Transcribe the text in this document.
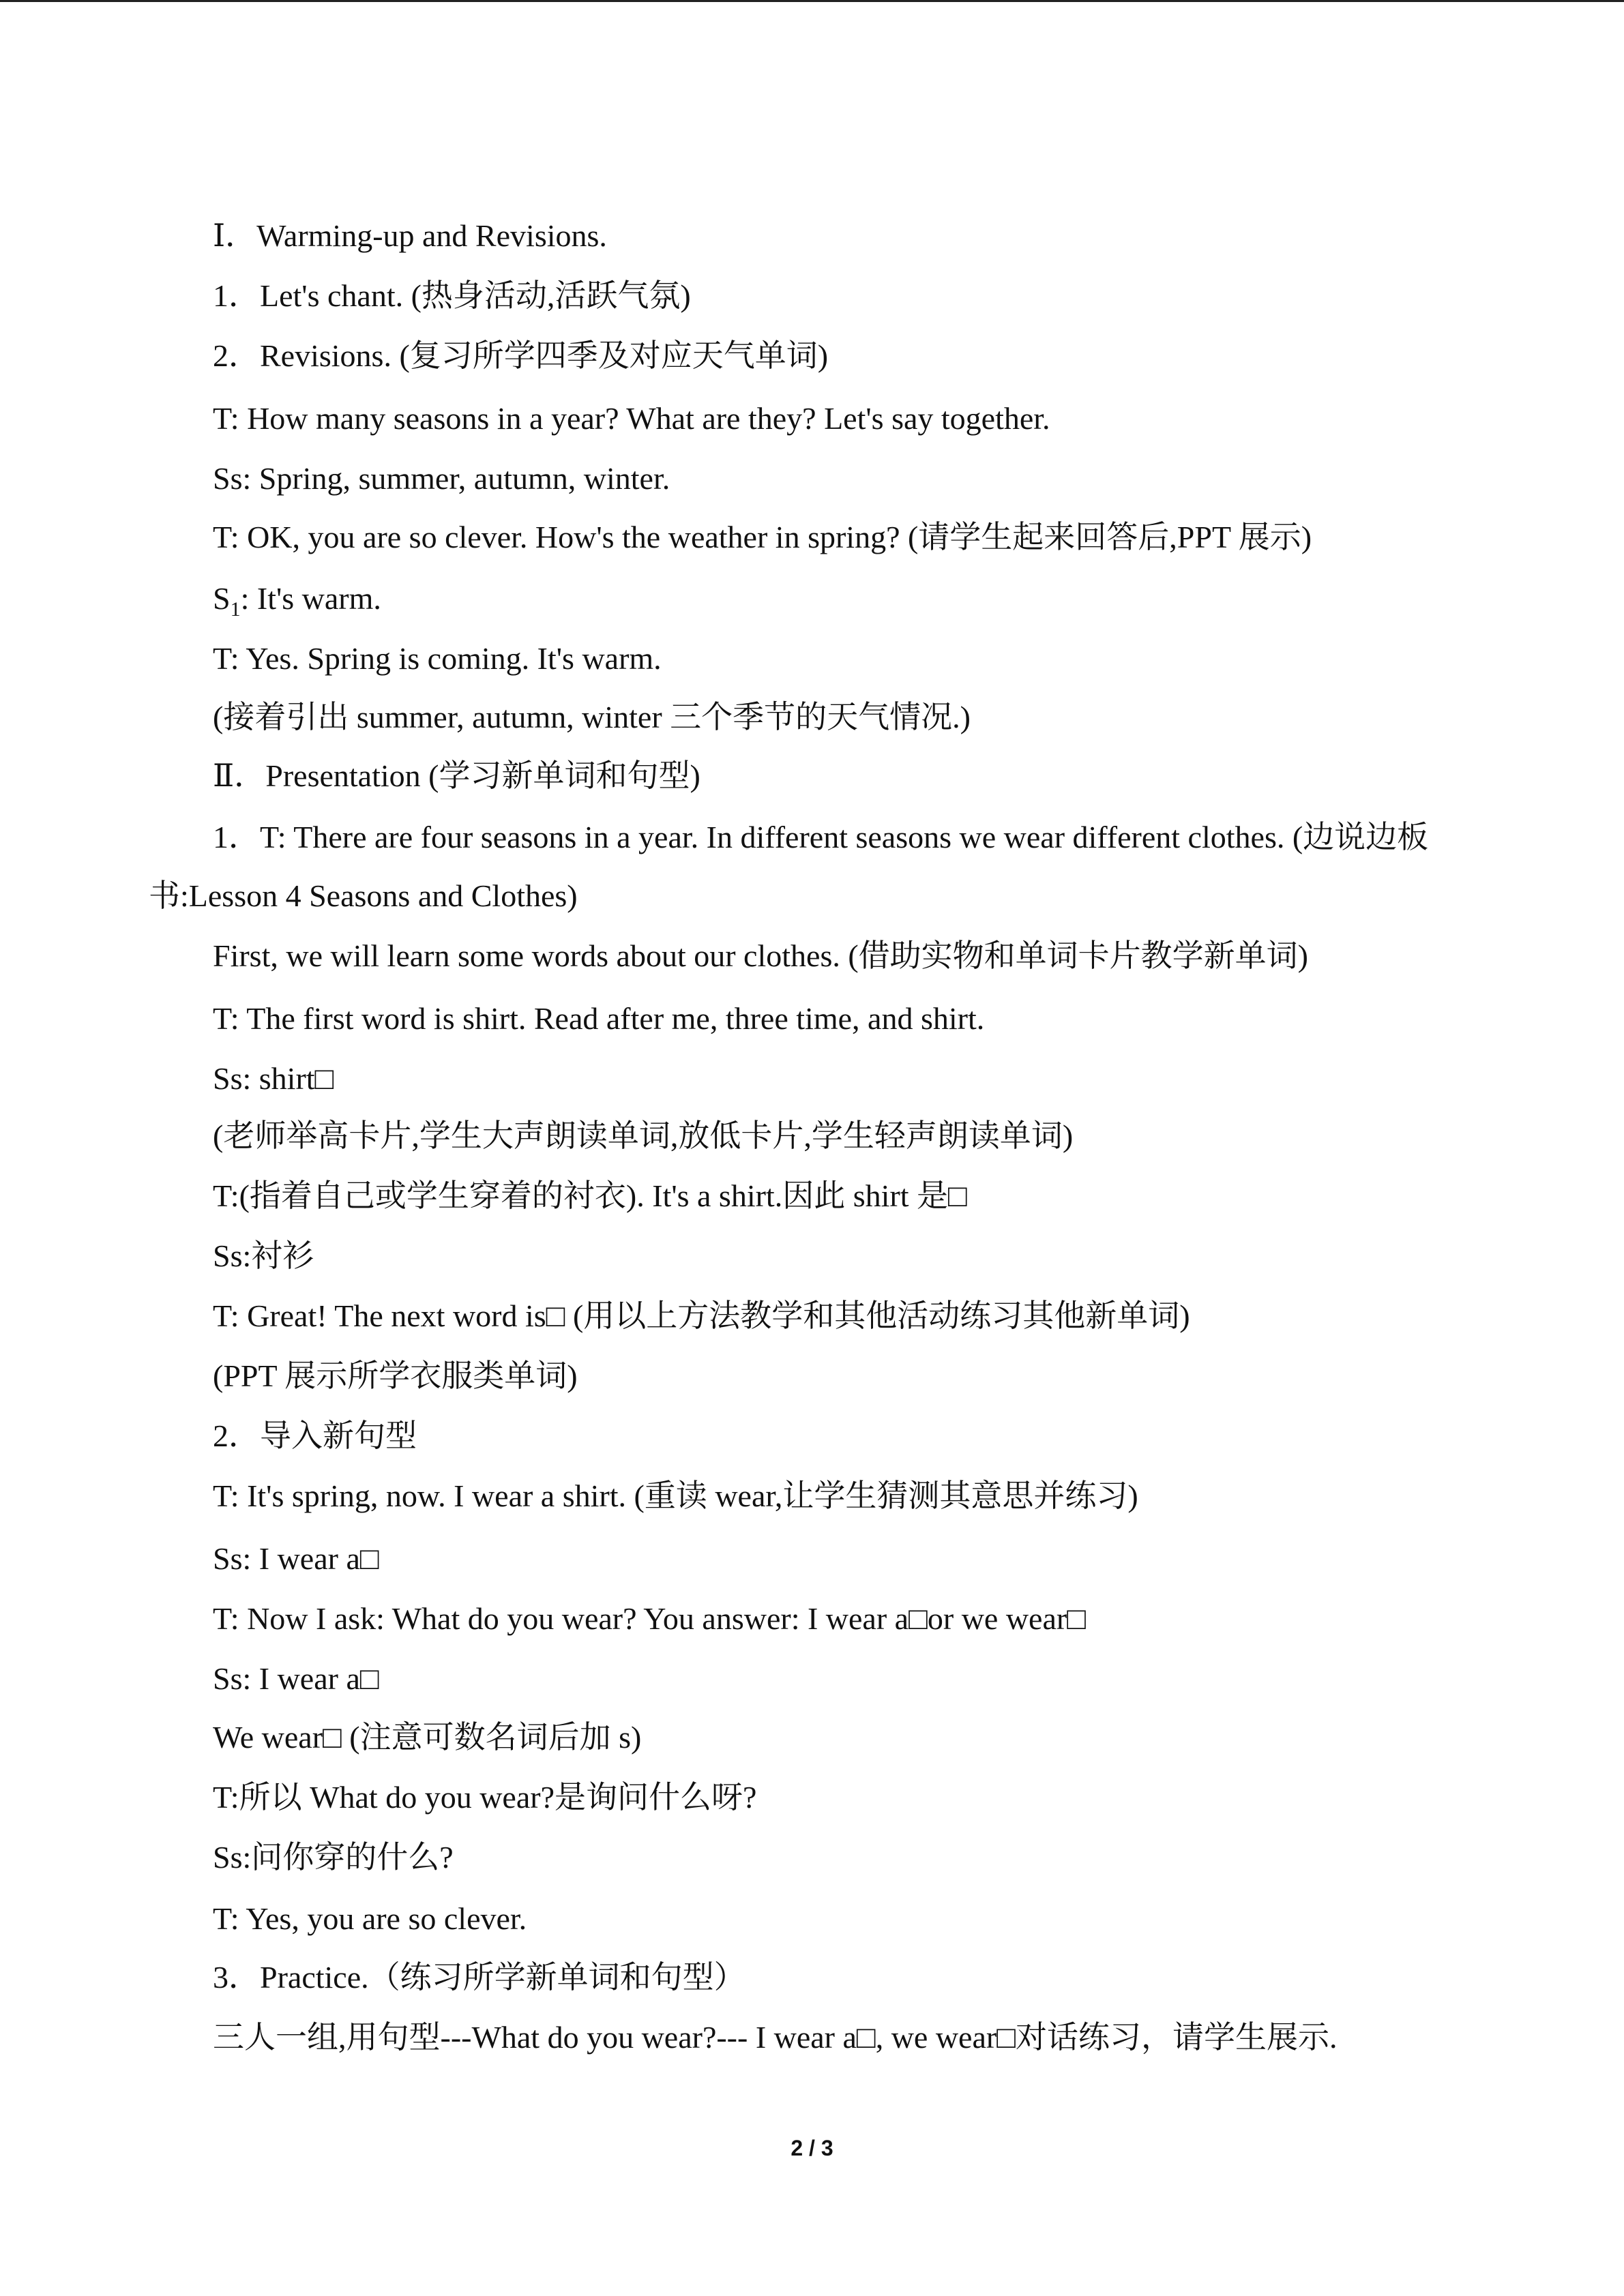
Ⅰ．Warming-up and Revisions.
1．Let's chant. (热身活动,活跃气氛)
2．Revisions. (复习所学四季及对应天气单词)
T: How many seasons in a year? What are they? Let's say together.
Ss: Spring, summer, autumn, winter.
T: OK, you are so clever. How's the weather in spring? (请学生起来回答后,PPT 展示)
$S_1$: It's warm.
T: Yes. Spring is coming. It's warm.
(接着引出 summer, autumn, winter 三个季节的天气情况.)
Ⅱ．Presentation (学习新单词和句型)
1．T: There are four seasons in a year. In different seasons we wear different clothes. (边说边板
书:Lesson 4 Seasons and Clothes)
First, we will learn some words about our clothes. (借助实物和单词卡片教学新单词)
T: The first word is shirt. Read after me, three time, and shirt.
Ss: shirt□
(老师举高卡片,学生大声朗读单词,放低卡片,学生轻声朗读单词)
T:(指着自己或学生穿着的衬衣). It's a shirt.因此 shirt 是□
Ss:衬衫
T: Great! The next word is□ (用以上方法教学和其他活动练习其他新单词)
(PPT 展示所学衣服类单词)
2．导入新句型
T: It's spring, now. I wear a shirt. (重读 wear,让学生猜测其意思并练习)
Ss: I wear a□
T: Now I ask: What do you wear? You answer: I wear a□or we wear□
Ss: I wear a□
We wear□ (注意可数名词后加 s)
T:所以 What do you wear?是询问什么呀?
Ss:问你穿的什么?
T: Yes, you are so clever.
3．Practice.（练习所学新单词和句型）
三人一组,用句型---What do you wear?--- I wear a□, we wear□对话练习，请学生展示.
2 / 3
